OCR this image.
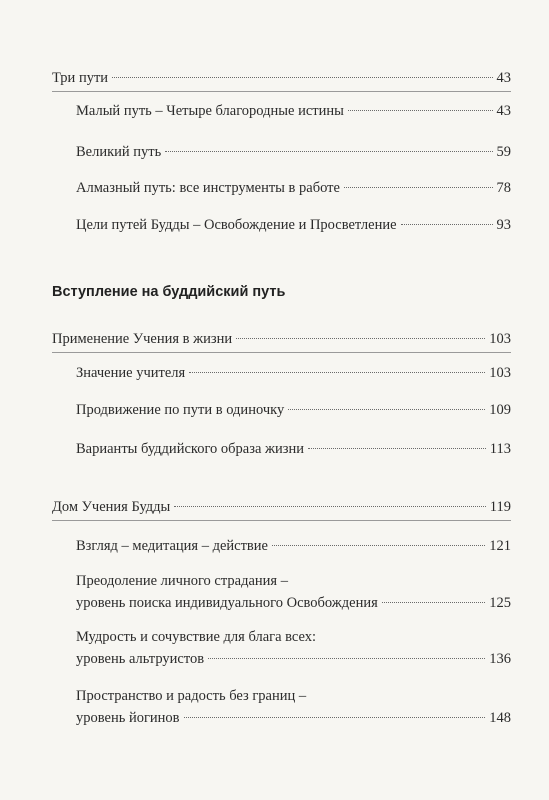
Три пути	43
Малый путь – Четыре благородные истины	43
Великий путь	59
Алмазный путь: все инструменты в работе	78
Цели путей Будды – Освобождение и Просветление	93
Вступление на буддийский путь
Применение Учения в жизни	103
Значение учителя	103
Продвижение по пути в одиночку	109
Варианты буддийского образа жизни	113
Дом Учения Будды	119
Взгляд – медитация – действие	121
Преодоление личного страдания –
уровень поиска индивидуального Освобождения	125
Мудрость и сочувствие для блага всех:
уровень альтруистов	136
Пространство и радость без границ –
уровень йогинов	148
